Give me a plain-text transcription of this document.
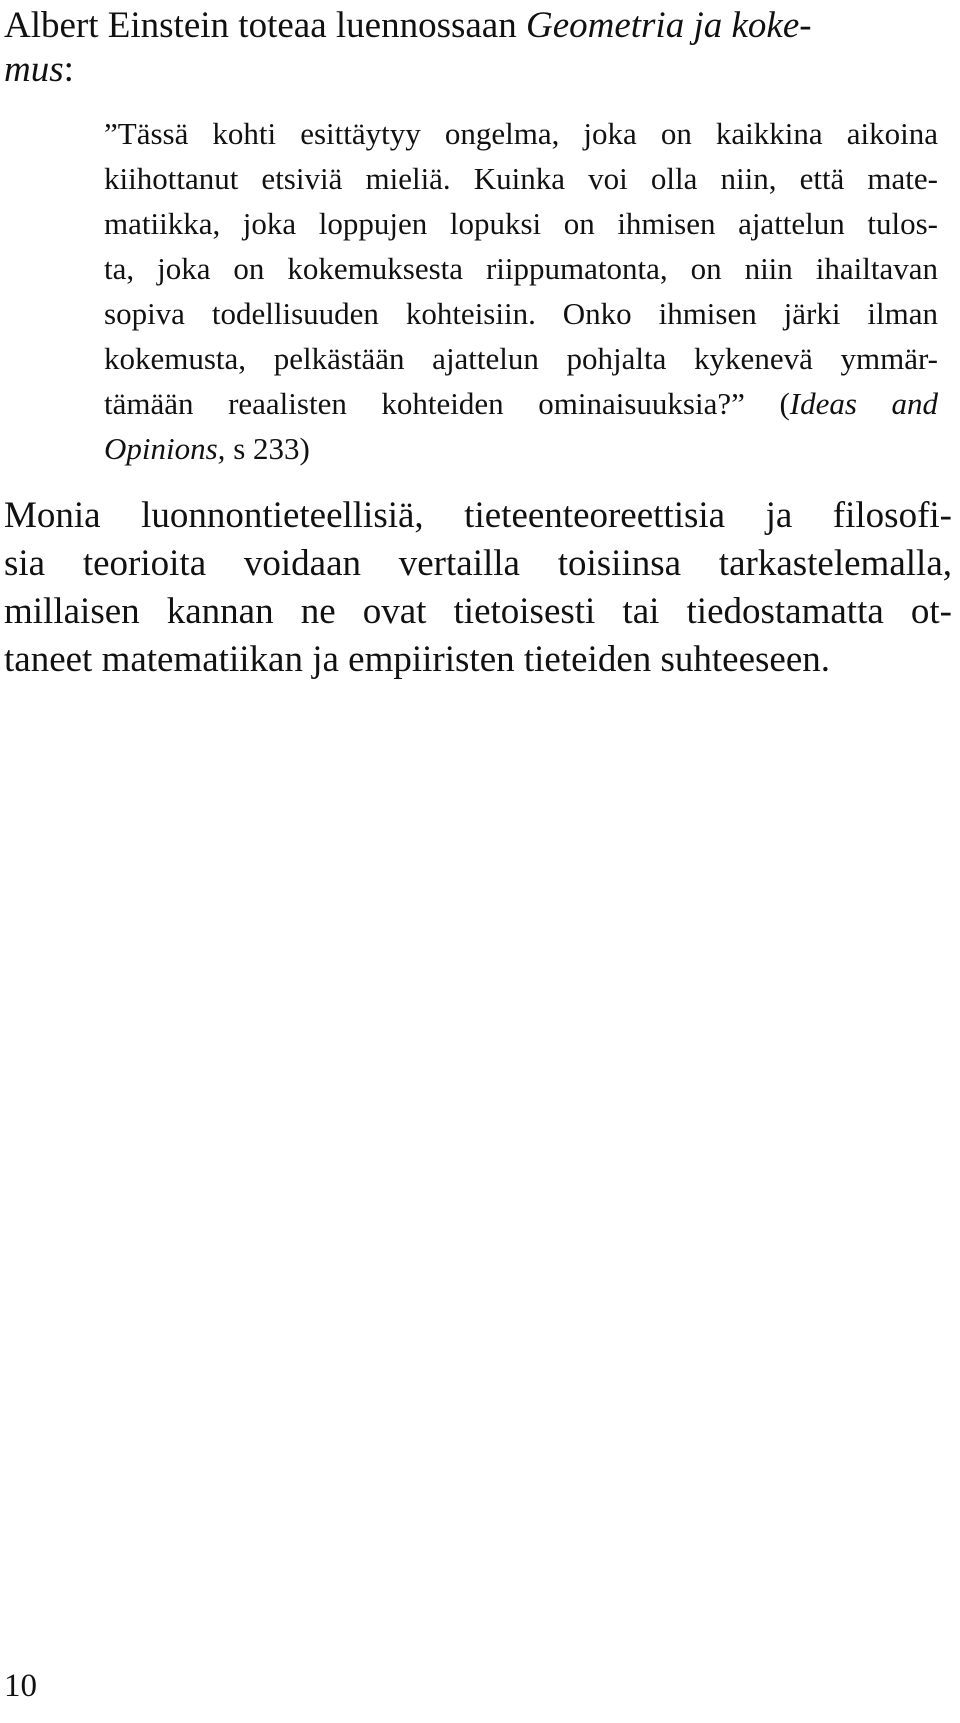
Albert Einstein toteaa luennossaan Geometria ja koke-
mus:
”Tässä kohti esittäytyy ongelma, joka on kaikkina aikoina
kiihottanut etsiviä mieliä. Kuinka voi olla niin, että mate-
matiikka, joka loppujen lopuksi on ihmisen ajattelun tulos-
ta, joka on kokemuksesta riippumatonta, on niin ihailtavan
sopiva todellisuuden kohteisiin. Onko ihmisen järki ilman
kokemusta, pelkästään ajattelun pohjalta kykenevä ymmär-
tämään reaalisten kohteiden ominaisuuksia?” (Ideas and
Opinions, s 233)
Monia luonnontieteellisiä, tieteenteoreettisia ja filosofi-
sia teorioita voidaan vertailla toisiinsa tarkastelemalla,
millaisen kannan ne ovat tietoisesti tai tiedostamatta ot-
taneet matematiikan ja empiiristen tieteiden suhteeseen.
10
